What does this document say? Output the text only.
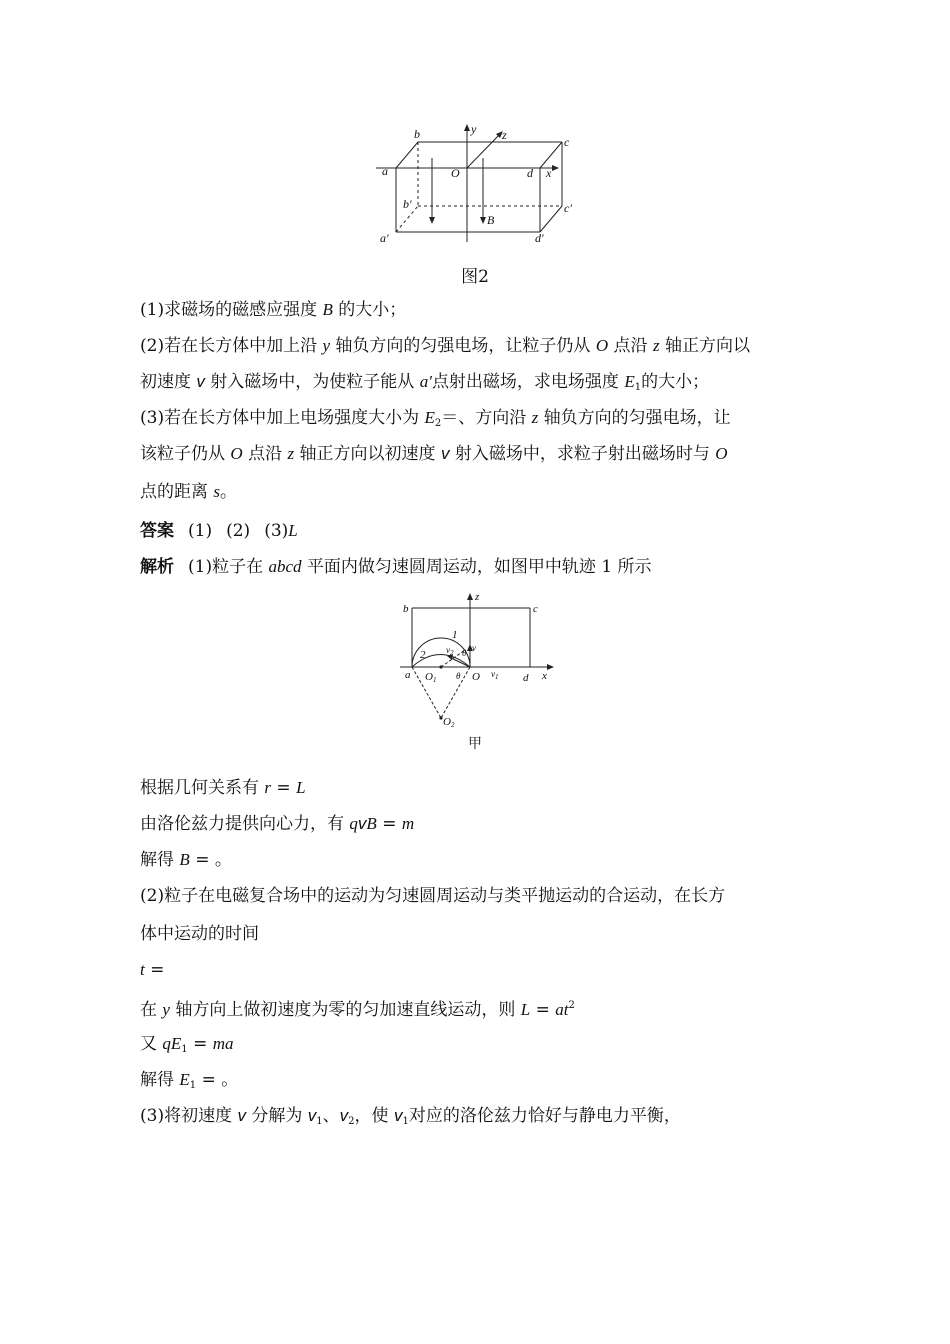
b	y z	c
a	O	d x
b′	c′
B
a′	d′
图2
(1)求磁场的磁感应强度 B 的大小；
(2)若在长方体中加上沿 y 轴负方向的匀强电场，让粒子仍从 O 点沿 z 轴正方向以
初速度 v 射入磁场中，为使粒子能从 a′点射出磁场，求电场强度 $E_1$的大小；
(3)若在长方体中加上电场强度大小为 $E_2=$、方向沿 z 轴负方向的匀强电场，让
该粒子仍从 O 点沿 z 轴正方向以初速度 v 射入磁场中，求粒子射出磁场时与 O
点的距离 s。
答案 (1) (2) (3)L
解析 (1)粒子在 abcd 平面内做匀速圆周运动，如图甲中轨迹 1 所示
b
z
c
1
$v_2$ θ v
2
a O1 θ O $v_1$ d x
O2
甲
根据几何关系有 r = L
由洛伦兹力提供向心力，有 qvB = m
解得 B = 。
(2)粒子在电磁复合场中的运动为匀速圆周运动与类平抛运动的合运动，在长方
体中运动的时间
t =
在 y 轴方向上做初速度为零的匀加速直线运动，则 $L = at^2$
又 $qE_1$ = ma
解得 $E_1$ = 。
(3)将初速度 v 分解为 $v_1$、$v_2$，使 $v_1$对应的洛伦兹力恰好与静电力平衡，
